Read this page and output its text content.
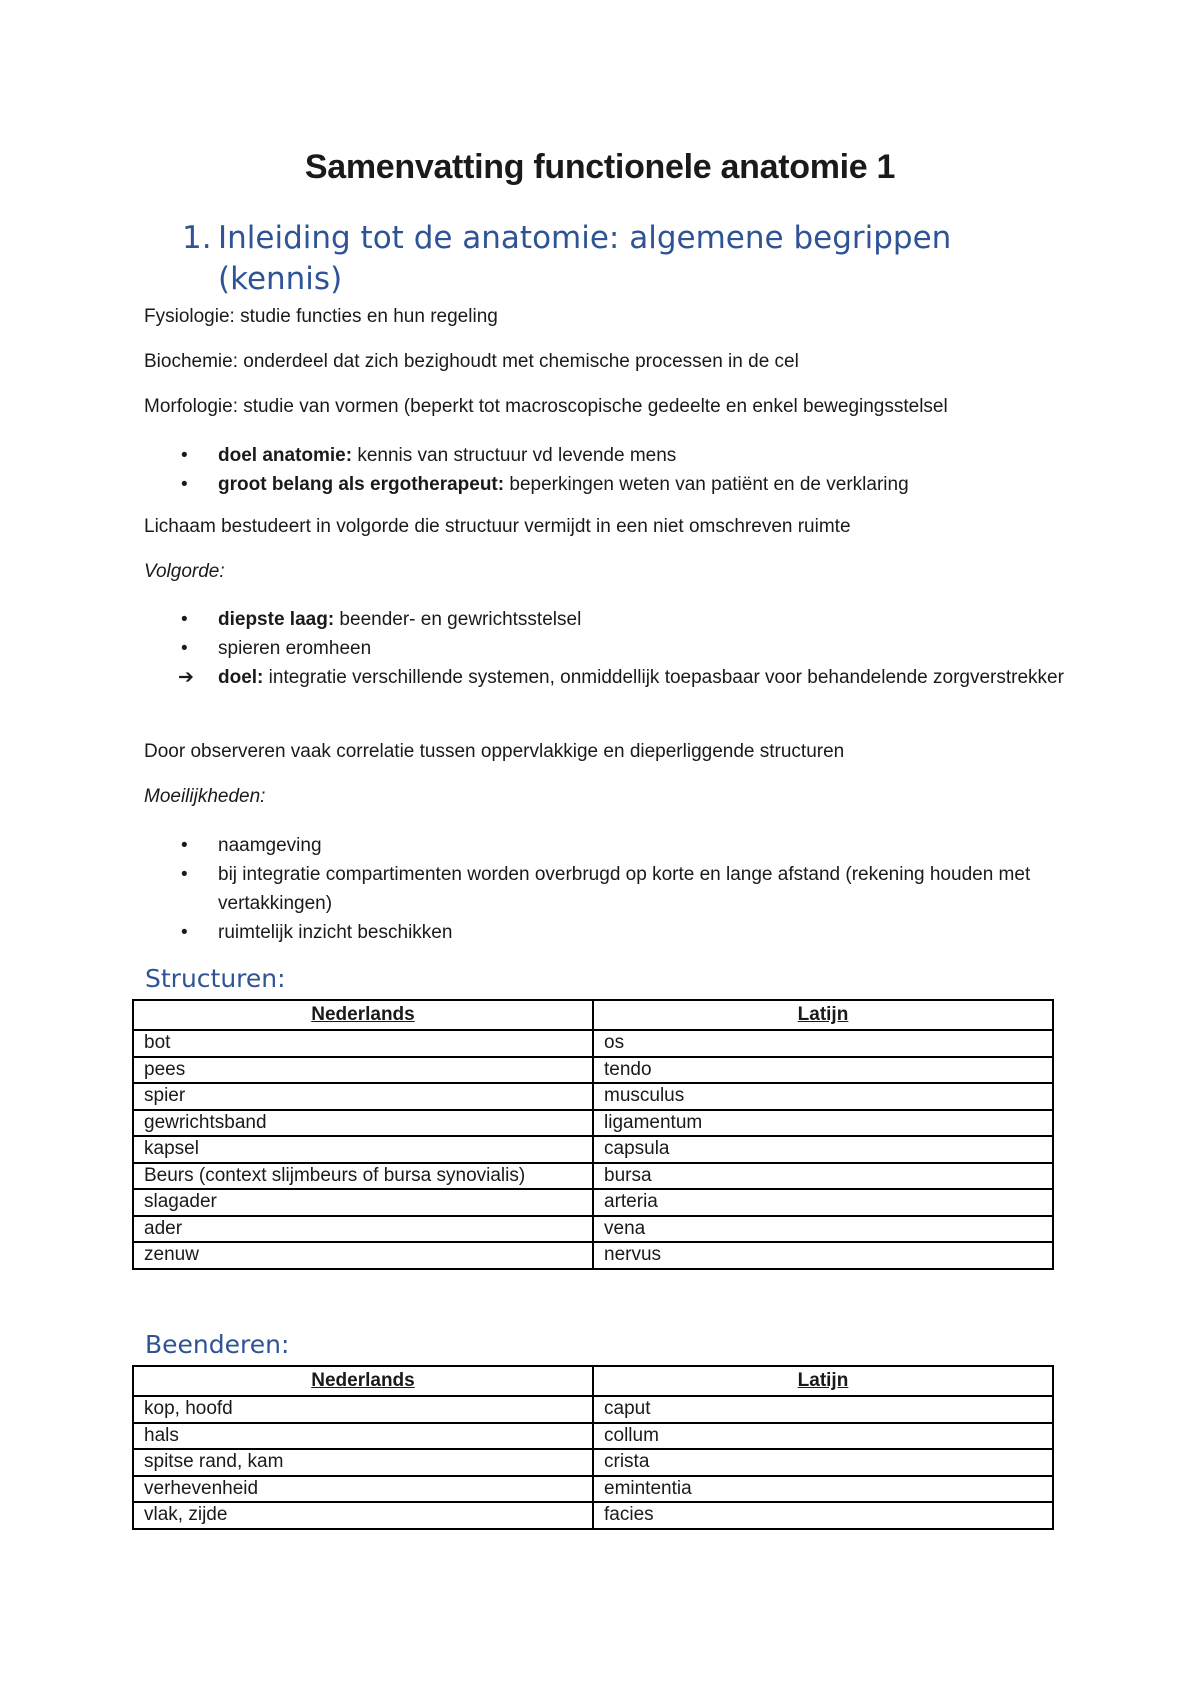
Samenvatting functionele anatomie 1
1. Inleiding tot de anatomie: algemene begrippen (kennis)
Fysiologie: studie functies en hun regeling
Biochemie: onderdeel dat zich bezighoudt met chemische processen in de cel
Morfologie: studie van vormen (beperkt tot macroscopische gedeelte en enkel bewegingsstelsel
• doel anatomie: kennis van structuur vd levende mens
• groot belang als ergotherapeut: beperkingen weten van patiënt en de verklaring
Lichaam bestudeert in volgorde die structuur vermijdt in een niet omschreven ruimte
Volgorde:
• diepste laag: beender- en gewrichtsstelsel
• spieren eromheen
➔ doel: integratie verschillende systemen, onmiddellijk toepasbaar voor behandelende zorgverstrekker
Door observeren vaak correlatie tussen oppervlakkige en dieperliggende structuren
Moeilijkheden:
• naamgeving
• bij integratie compartimenten worden overbrugd op korte en lange afstand (rekening houden met vertakkingen)
• ruimtelijk inzicht beschikken
Structuren:
Nederlands	Latijn
bot	os
pees	tendo
spier	musculus
gewrichtsband	ligamentum
kapsel	capsula
Beurs (context slijmbeurs of bursa synovialis)	bursa
slagader	arteria
ader	vena
zenuw	nervus
Beenderen:
Nederlands	Latijn
kop, hoofd	caput
hals	collum
spitse rand, kam	crista
verhevenheid	emintentia
vlak, zijde	facies
